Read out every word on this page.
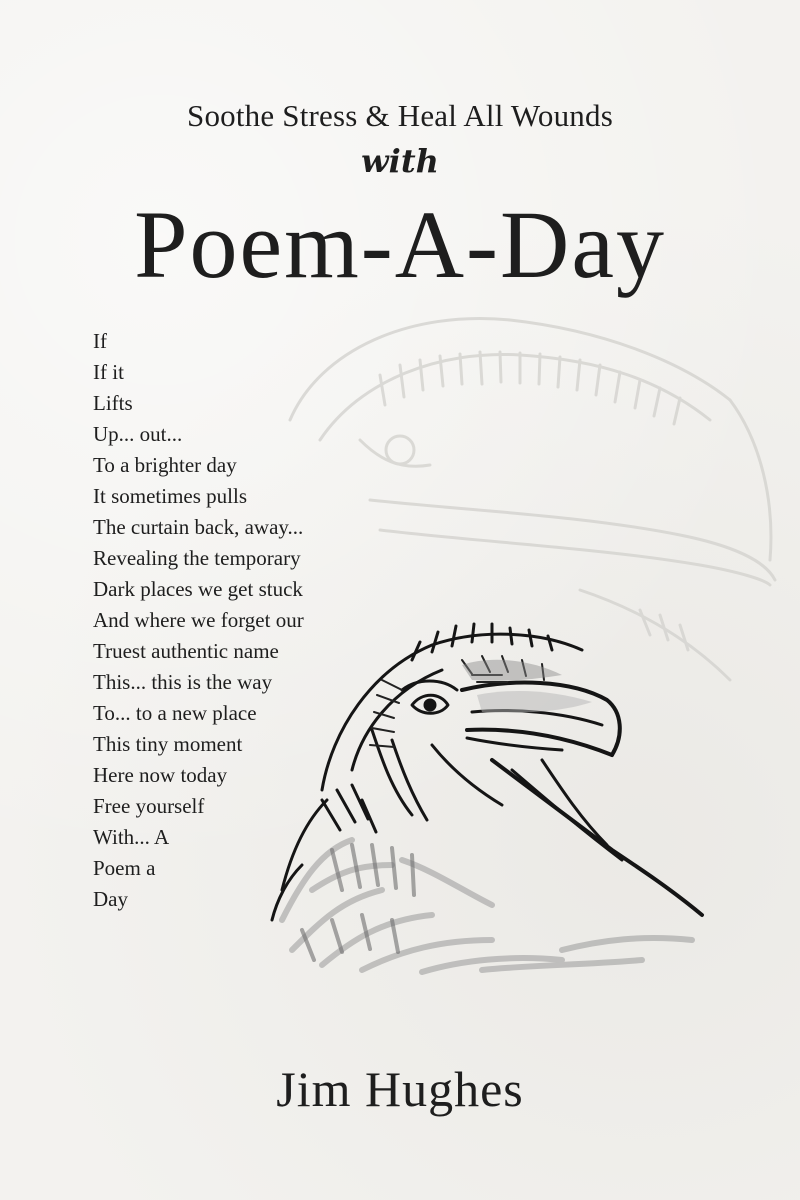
Soothe Stress & Heal All Wounds
with
Poem-A-Day
If
If it
Lifts
Up... out...
To a brighter day
It sometimes pulls
The curtain back, away...
Revealing the temporary
Dark places we get stuck
And where we forget our
Truest authentic name
This... this is the way
To... to a new place
This tiny moment
Here now today
Free yourself
With... A
Poem a
Day
Jim Hughes
